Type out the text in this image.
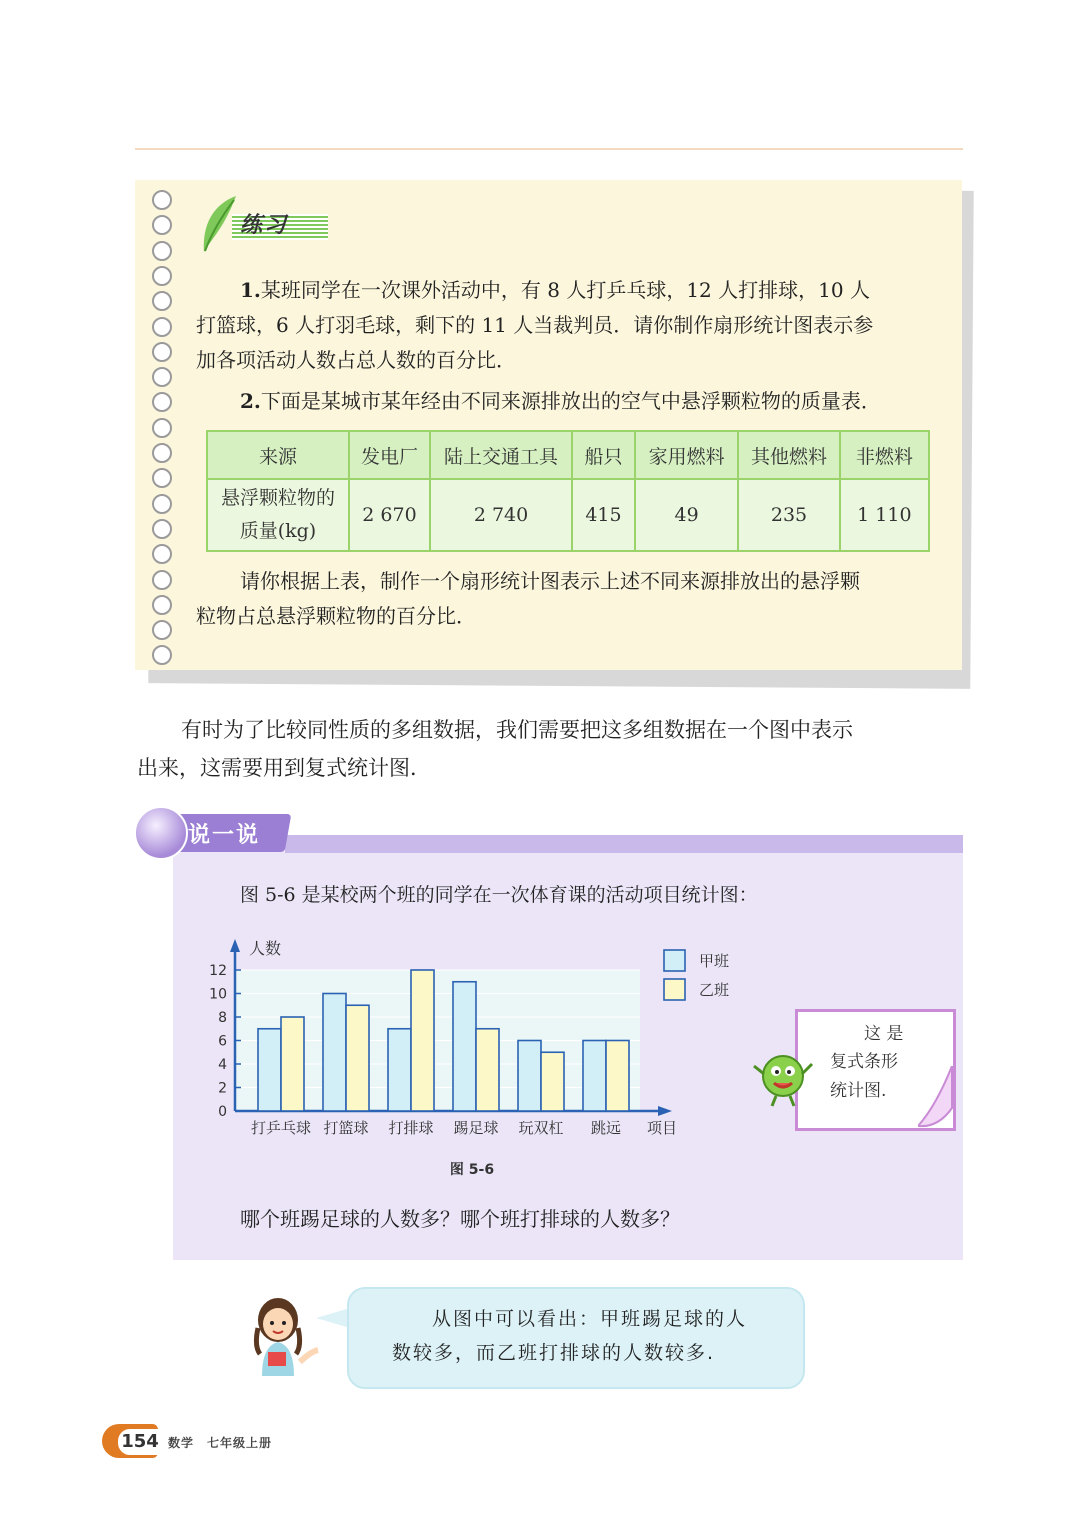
练习
1.某班同学在一次课外活动中，有 8 人打乒乓球，12 人打排球，10 人
打篮球，6 人打羽毛球，剩下的 11 人当裁判员．请你制作扇形统计图表示参
加各项活动人数占总人数的百分比．
2.下面是某城市某年经由不同来源排放出的空气中悬浮颗粒物的质量表．
来源	发电厂	陆上交通工具	船只	家用燃料	其他燃料	非燃料

悬浮颗粒物的
质量(kg)	2 670	2 740	415	49	235	1 110
请你根据上表，制作一个扇形统计图表示上述不同来源排放出的悬浮颗
粒物占总悬浮颗粒物的百分比．
有时为了比较同性质的多组数据，我们需要把这多组数据在一个图中表示
出来，这需要用到复式统计图．
说一说
图 5-6 是某校两个班的同学在一次体育课的活动项目统计图：
0
2
4
6
8
10
12
人数
打乒乓球 打篮球 打排球 踢足球 玩双杠 跳远 项目
甲班
乙班
图 5-6
这 是
复式条形
统计图.
哪个班踢足球的人数多？哪个班打排球的人数多？
从图中可以看出：甲班踢足球的人
数较多，而乙班打排球的人数较多.
154 数学　七年级上册
